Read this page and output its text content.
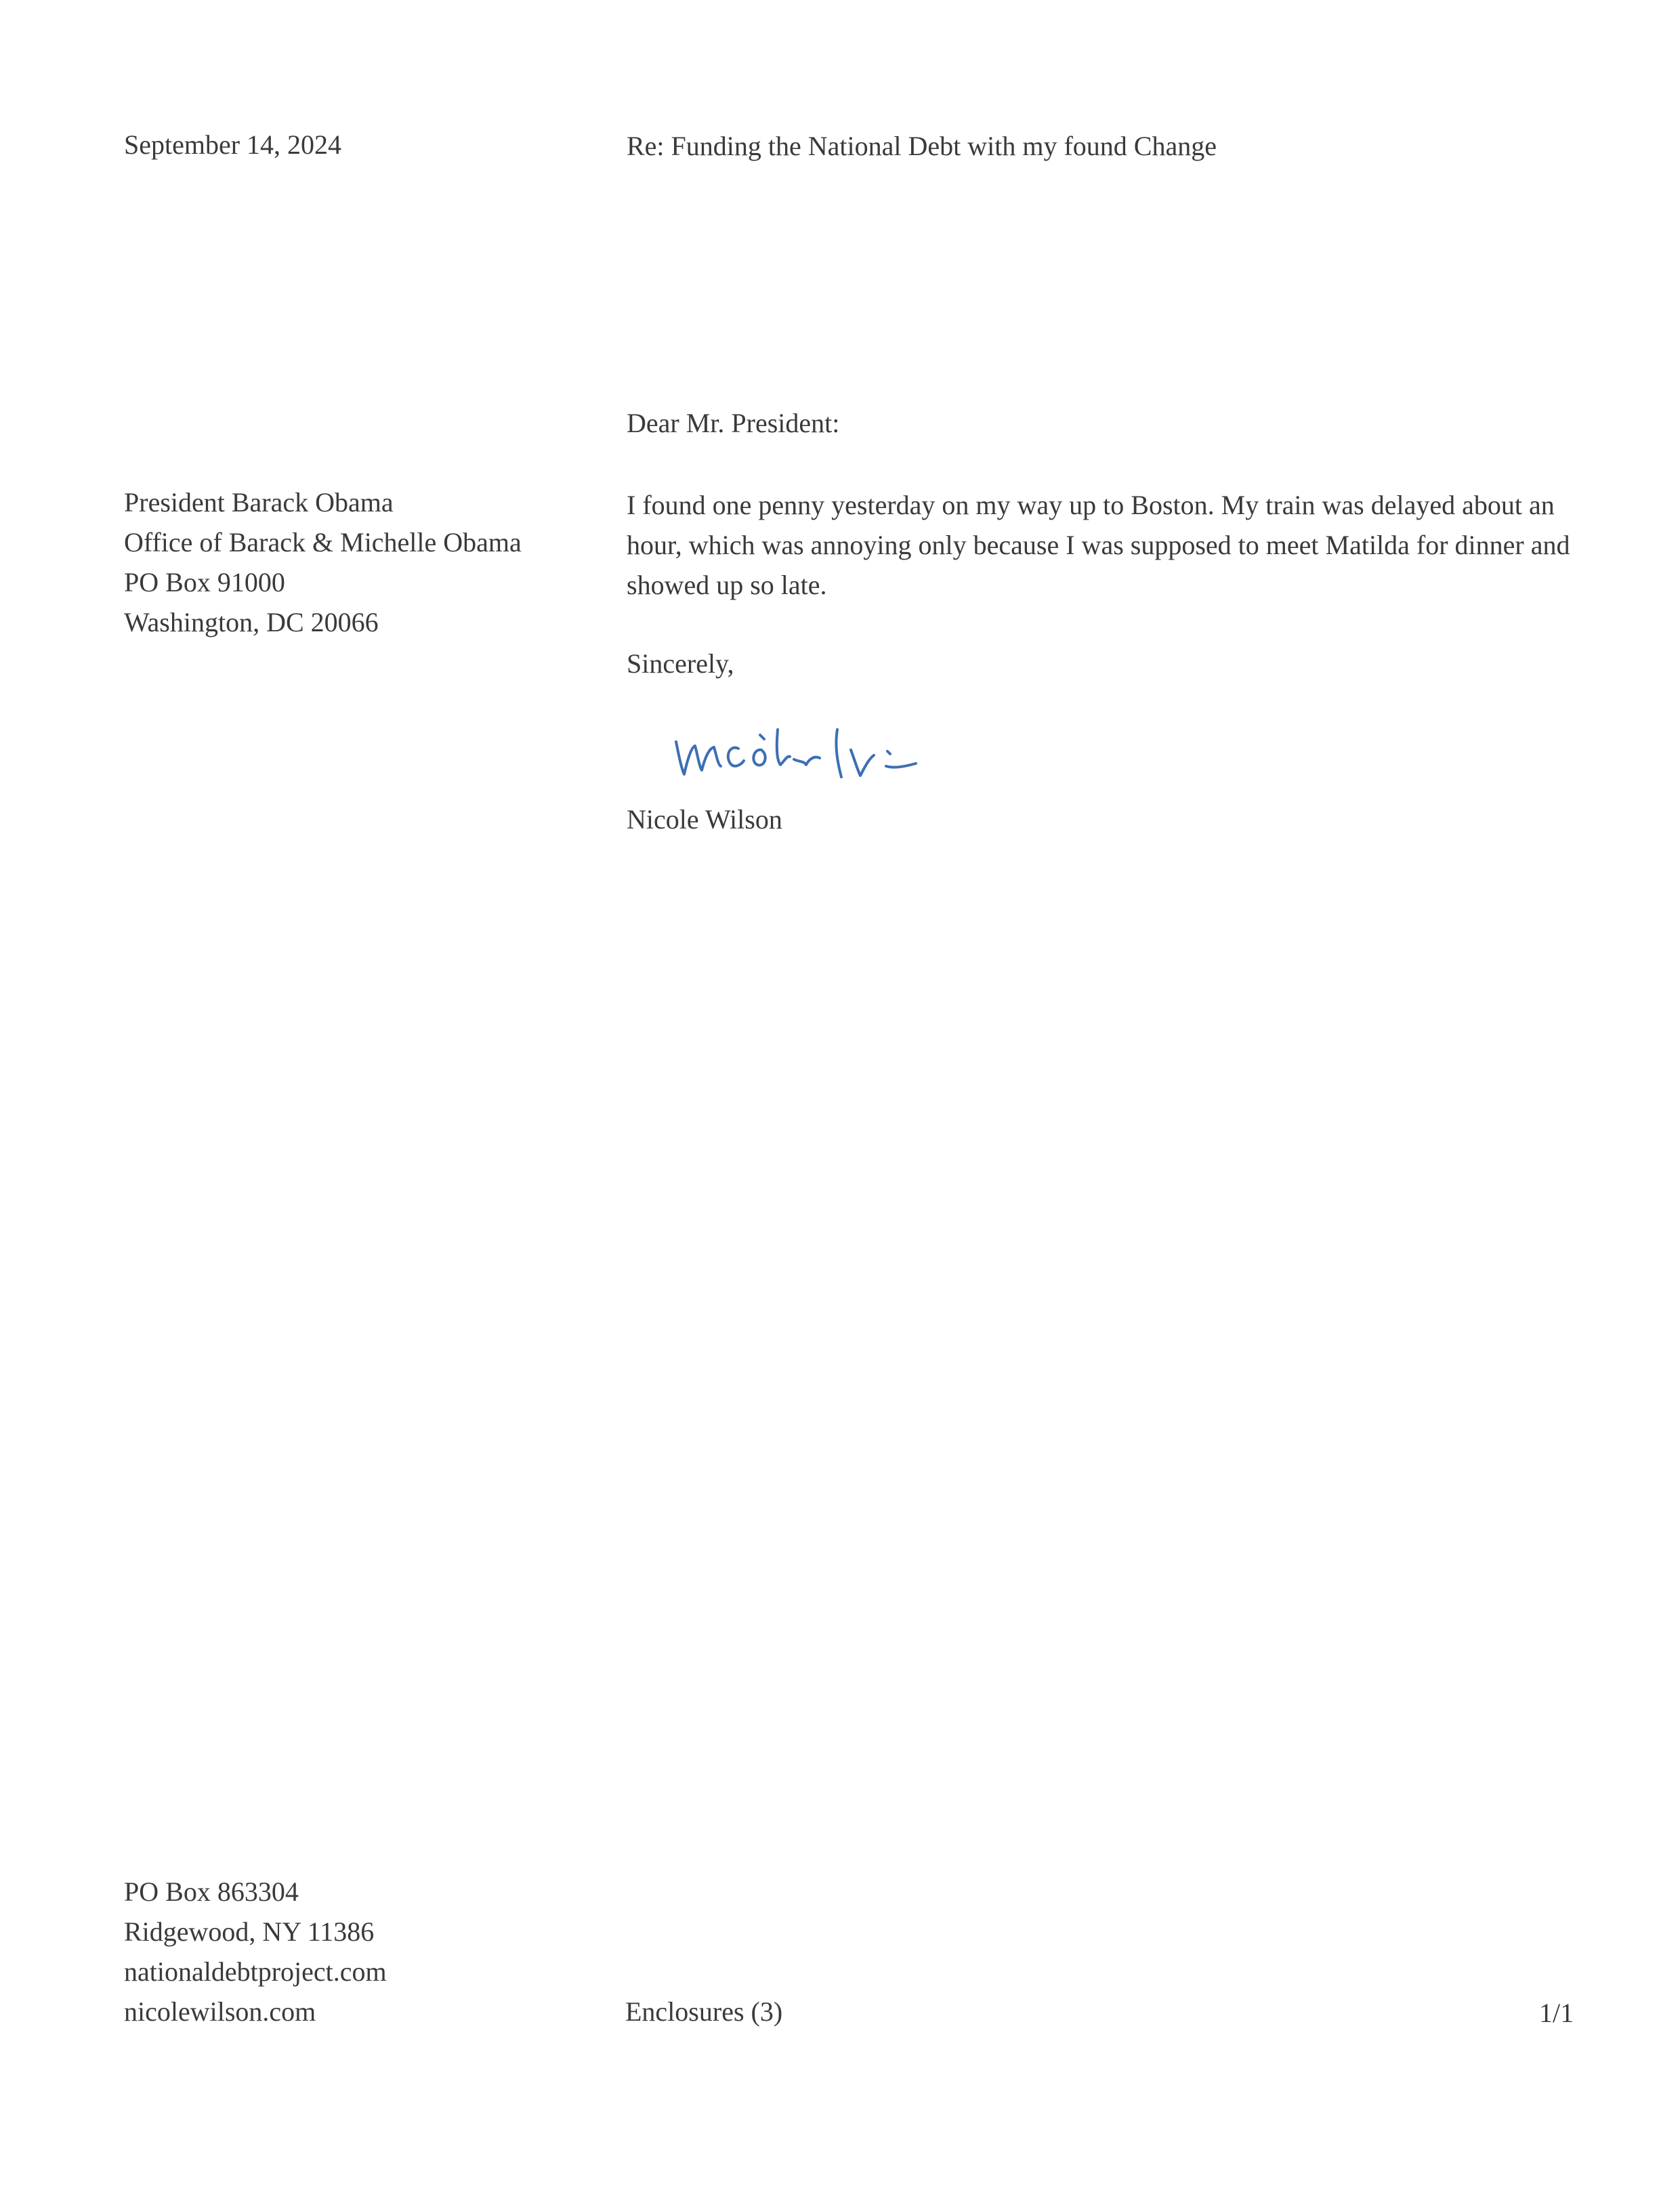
September 14, 2024	Re: Funding the National Debt with my found Change
Dear Mr. President:
President Barack Obama
Office of Barack & Michelle Obama
PO Box 91000
Washington, DC 20066
I found one penny yesterday on my way up to Boston. My train was delayed about an hour, which was annoying only because I was supposed to meet Matilda for dinner and showed up so late.
Sincerely,
Nicole Wilson
PO Box 863304
Ridgewood, NY 11386
nationaldebtproject.com
nicolewilson.com	Enclosures (3)	1/1
